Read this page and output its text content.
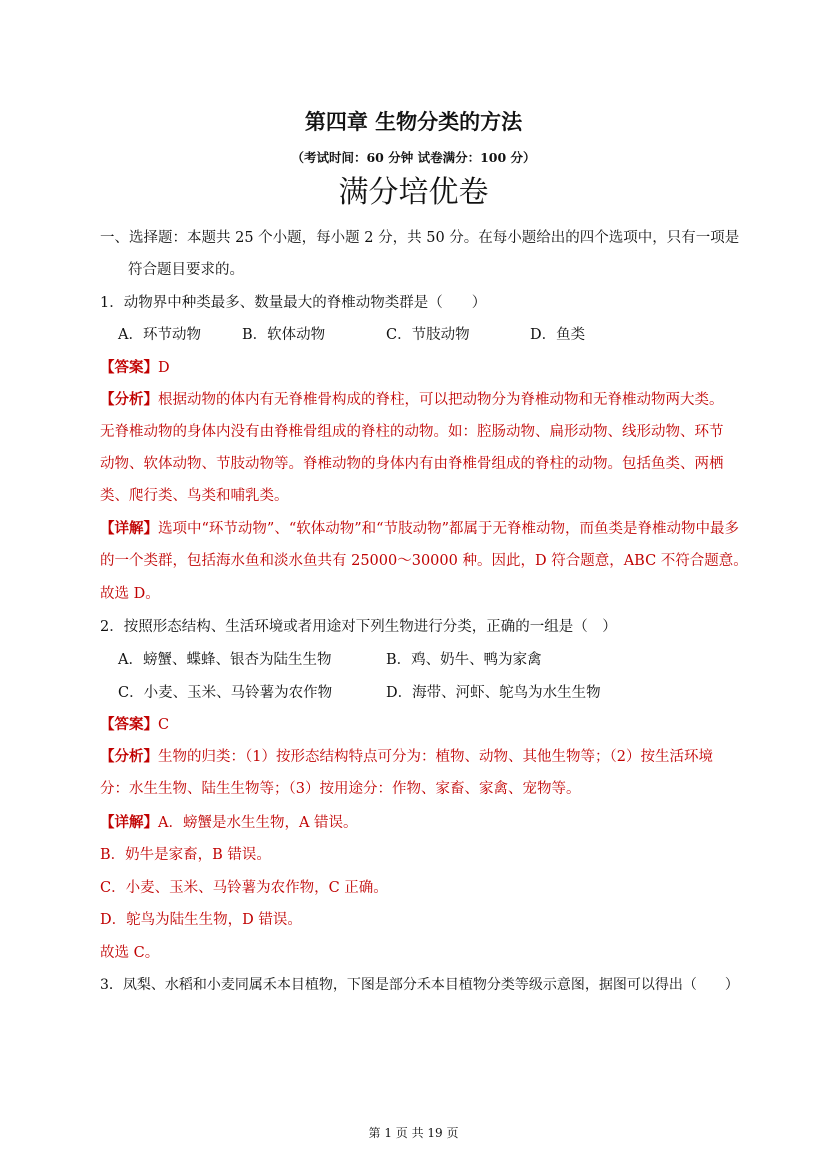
第四章 生物分类的方法
（考试时间：60 分钟 试卷满分：100 分）
满分培优卷
一、选择题：本题共 25 个小题，每小题 2 分，共 50 分。在每小题给出的四个选项中，只有一项是
符合题目要求的。
1．动物界中种类最多、数量最大的脊椎动物类群是（　　）
A．环节动物	B．软体动物	C．节肢动物	D．鱼类
【答案】D
【分析】根据动物的体内有无脊椎骨构成的脊柱，可以把动物分为脊椎动物和无脊椎动物两大类。
无脊椎动物的身体内没有由脊椎骨组成的脊柱的动物。如：腔肠动物、扁形动物、线形动物、环节
动物、软体动物、节肢动物等。脊椎动物的身体内有由脊椎骨组成的脊柱的动物。包括鱼类、两栖
类、爬行类、鸟类和哺乳类。
【详解】选项中“环节动物”、“软体动物”和“节肢动物”都属于无脊椎动物，而鱼类是脊椎动物中最多
的一个类群，包括海水鱼和淡水鱼共有 25000～30000 种。因此，D 符合题意，ABC 不符合题意。
故选 D。
2．按照形态结构、生活环境或者用途对下列生物进行分类，正确的一组是（　）
A．螃蟹、蝶蜂、银杏为陆生生物	B．鸡、奶牛、鸭为家禽
C．小麦、玉米、马铃薯为农作物	D．海带、河虾、鸵鸟为水生生物
【答案】C
【分析】生物的归类：（1）按形态结构特点可分为：植物、动物、其他生物等；（2）按生活环境
分：水生生物、陆生生物等；（3）按用途分：作物、家畜、家禽、宠物等。
【详解】A．螃蟹是水生生物，A 错误。
B．奶牛是家畜，B 错误。
C．小麦、玉米、马铃薯为农作物，C 正确。
D．鸵鸟为陆生生物，D 错误。
故选 C。
3．凤梨、水稻和小麦同属禾本目植物，下图是部分禾本目植物分类等级示意图，据图可以得出（　　）
第 1 页 共 19 页
